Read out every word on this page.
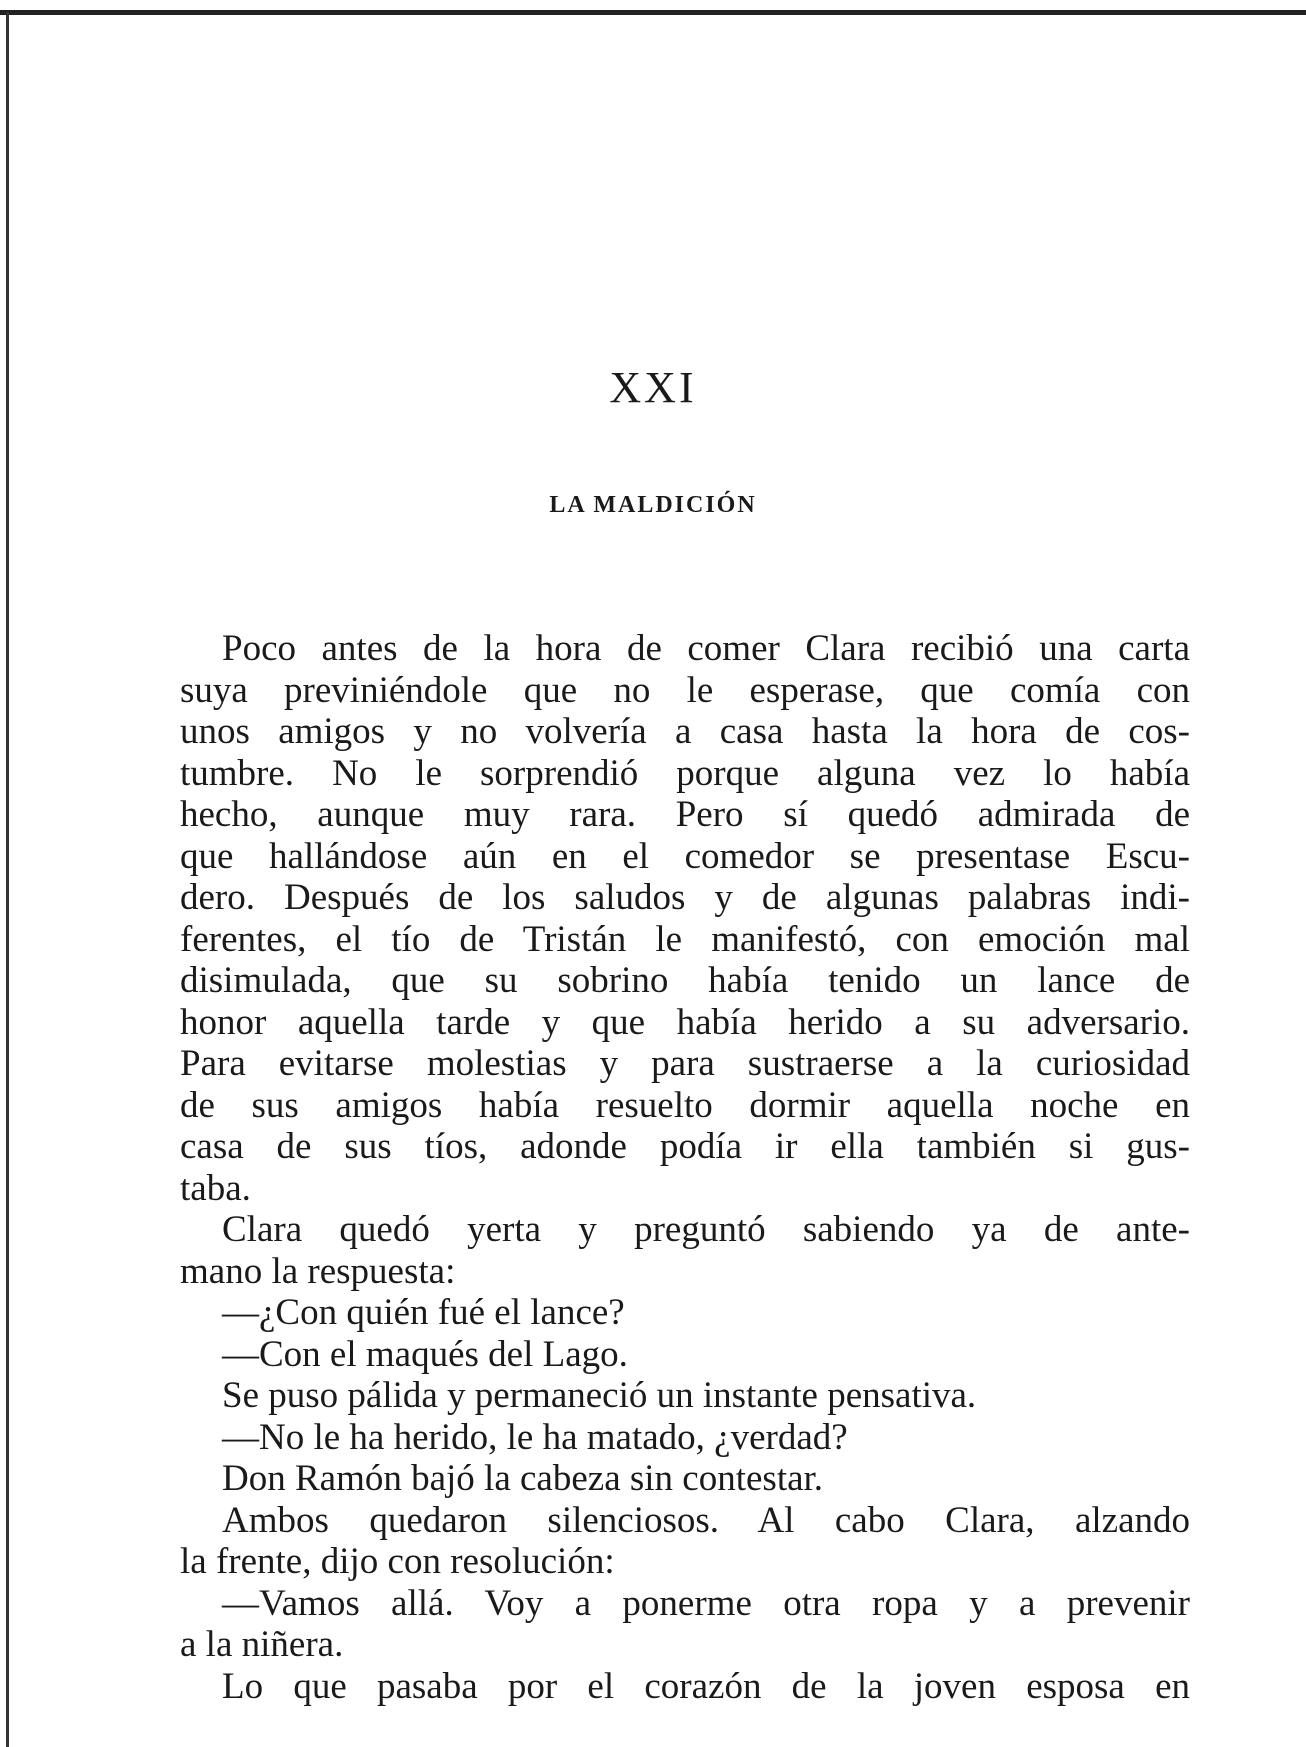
XXI
LA MALDICIÓN
Poco antes de la hora de comer Clara recibió una carta
suya previniéndole que no le esperase, que comía con
unos amigos y no volvería a casa hasta la hora de cos-
tumbre. No le sorprendió porque alguna vez lo había
hecho, aunque muy rara. Pero sí quedó admirada de
que hallándose aún en el comedor se presentase Escu-
dero. Después de los saludos y de algunas palabras indi-
ferentes, el tío de Tristán le manifestó, con emoción mal
disimulada, que su sobrino había tenido un lance de
honor aquella tarde y que había herido a su adversario.
Para evitarse molestias y para sustraerse a la curiosidad
de sus amigos había resuelto dormir aquella noche en
casa de sus tíos, adonde podía ir ella también si gus-
taba.
Clara quedó yerta y preguntó sabiendo ya de ante-
mano la respuesta:
—¿Con quién fué el lance?
—Con el maqués del Lago.
Se puso pálida y permaneció un instante pensativa.
—No le ha herido, le ha matado, ¿verdad?
Don Ramón bajó la cabeza sin contestar.
Ambos quedaron silenciosos. Al cabo Clara, alzando
la frente, dijo con resolución:
—Vamos allá. Voy a ponerme otra ropa y a prevenir
a la niñera.
Lo que pasaba por el corazón de la joven esposa en
